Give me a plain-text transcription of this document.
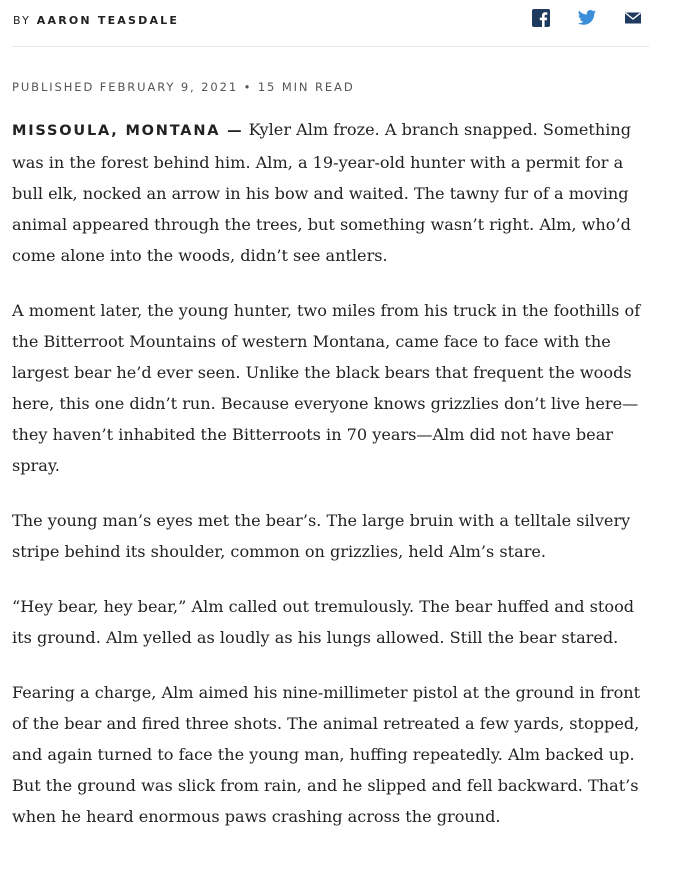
BY AARON TEASDALE
PUBLISHED FEBRUARY 9, 2021 • 15 MIN READ

MISSOULA, MONTANA — Kyler Alm froze. A branch snapped. Something was in the forest behind him. Alm, a 19-year-old hunter with a permit for a bull elk, nocked an arrow in his bow and waited. The tawny fur of a moving animal appeared through the trees, but something wasn’t right. Alm, who’d come alone into the woods, didn’t see antlers.

A moment later, the young hunter, two miles from his truck in the foothills of the Bitterroot Mountains of western Montana, came face to face with the largest bear he’d ever seen. Unlike the black bears that frequent the woods here, this one didn’t run. Because everyone knows grizzlies don’t live here—they haven’t inhabited the Bitterroots in 70 years—Alm did not have bear spray.

The young man’s eyes met the bear’s. The large bruin with a telltale silvery stripe behind its shoulder, common on grizzlies, held Alm’s stare.

“Hey bear, hey bear,” Alm called out tremulously. The bear huffed and stood its ground. Alm yelled as loudly as his lungs allowed. Still the bear stared.

Fearing a charge, Alm aimed his nine-millimeter pistol at the ground in front of the bear and fired three shots. The animal retreated a few yards, stopped, and again turned to face the young man, huffing repeatedly. Alm backed up. But the ground was slick from rain, and he slipped and fell backward. That’s when he heard enormous paws crashing across the ground.
